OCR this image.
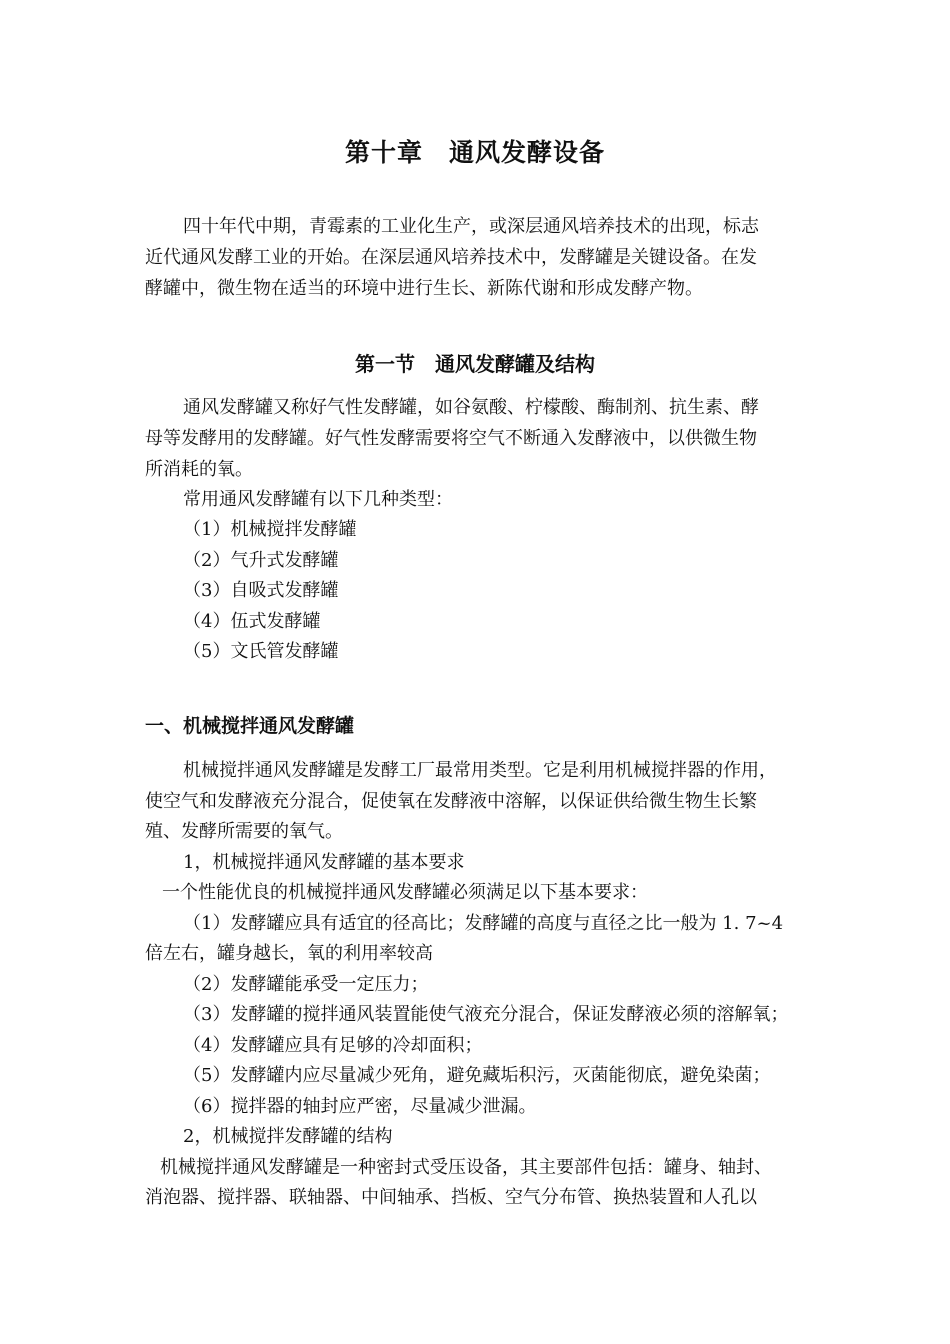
第十章　通风发酵设备
四十年代中期，青霉素的工业化生产，或深层通风培养技术的出现，标志
近代通风发酵工业的开始。在深层通风培养技术中，发酵罐是关键设备。在发
酵罐中，微生物在适当的环境中进行生长、新陈代谢和形成发酵产物。
第一节　通风发酵罐及结构
通风发酵罐又称好气性发酵罐，如谷氨酸、柠檬酸、酶制剂、抗生素、酵
母等发酵用的发酵罐。好气性发酵需要将空气不断通入发酵液中，以供微生物
所消耗的氧。
常用通风发酵罐有以下几种类型：
（1）机械搅拌发酵罐
（2）气升式发酵罐
（3）自吸式发酵罐
（4）伍式发酵罐
（5）文氏管发酵罐
一、机械搅拌通风发酵罐
机械搅拌通风发酵罐是发酵工厂最常用类型。它是利用机械搅拌器的作用，
使空气和发酵液充分混合，促使氧在发酵液中溶解，以保证供给微生物生长繁
殖、发酵所需要的氧气。
1，机械搅拌通风发酵罐的基本要求
一个性能优良的机械搅拌通风发酵罐必须满足以下基本要求：
（1）发酵罐应具有适宜的径高比；发酵罐的高度与直径之比一般为 1. 7~4
倍左右，罐身越长，氧的利用率较高
（2）发酵罐能承受一定压力；
（3）发酵罐的搅拌通风装置能使气液充分混合，保证发酵液必须的溶解氧；
（4）发酵罐应具有足够的冷却面积；
（5）发酵罐内应尽量减少死角，避免藏垢积污，灭菌能彻底，避免染菌；
（6）搅拌器的轴封应严密，尽量减少泄漏。
2，机械搅拌发酵罐的结构
机械搅拌通风发酵罐是一种密封式受压设备，其主要部件包括：罐身、轴封、
消泡器、搅拌器、联轴器、中间轴承、挡板、空气分布管、换热装置和人孔以
